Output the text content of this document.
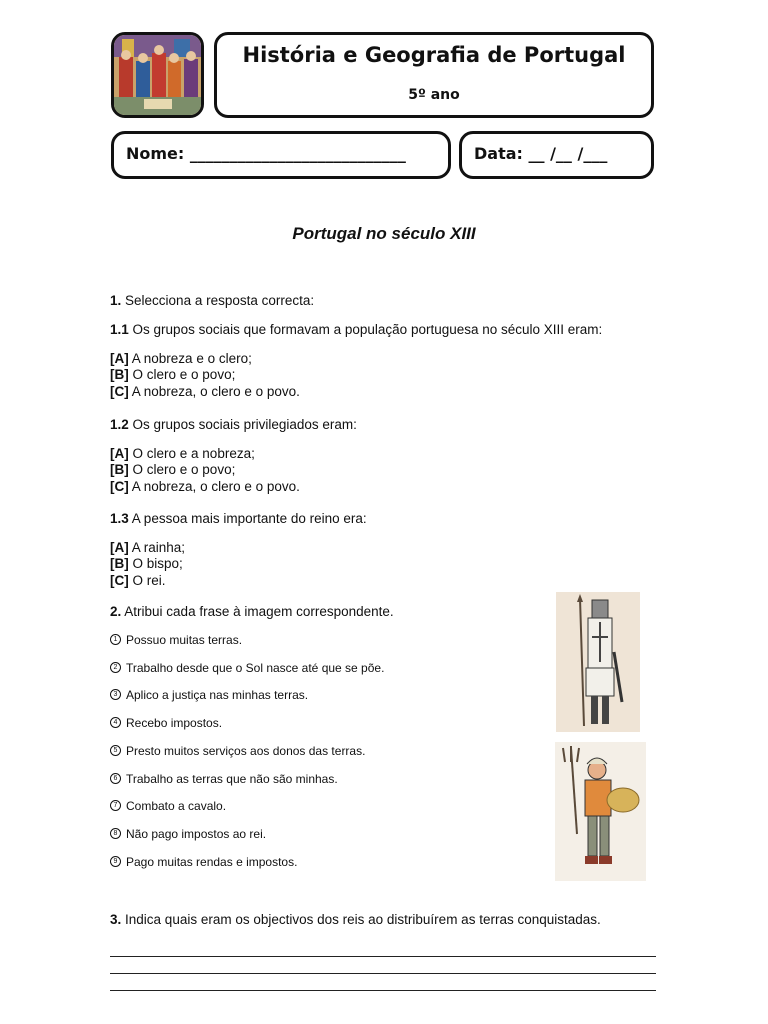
História e Geografia de Portugal
5º ano
Nome: ___________________________	Data: __ /__ /___
Portugal no século XIII
1. Selecciona a resposta correcta:
1.1 Os grupos sociais que formavam a população portuguesa no século XIII eram:
[A] A nobreza e o clero;
[B] O clero e o povo;
[C] A nobreza, o clero e o povo.
1.2 Os grupos sociais privilegiados eram:
[A] O clero e a nobreza;
[B] O clero e o povo;
[C] A nobreza, o clero e o povo.
1.3 A pessoa mais importante do reino era:
[A] A rainha;
[B] O bispo;
[C] O rei.
2. Atribui cada frase à imagem correspondente.
1 Possuo muitas terras.
2 Trabalho desde que o Sol nasce até que se põe.
3 Aplico a justiça nas minhas terras.
4 Recebo impostos.
5 Presto muitos serviços aos donos das terras.
6 Trabalho as terras que não são minhas.
7 Combato a cavalo.
8 Não pago impostos ao rei.
9 Pago muitas rendas e impostos.
3. Indica quais eram os objectivos dos reis ao distribuírem as terras conquistadas.
